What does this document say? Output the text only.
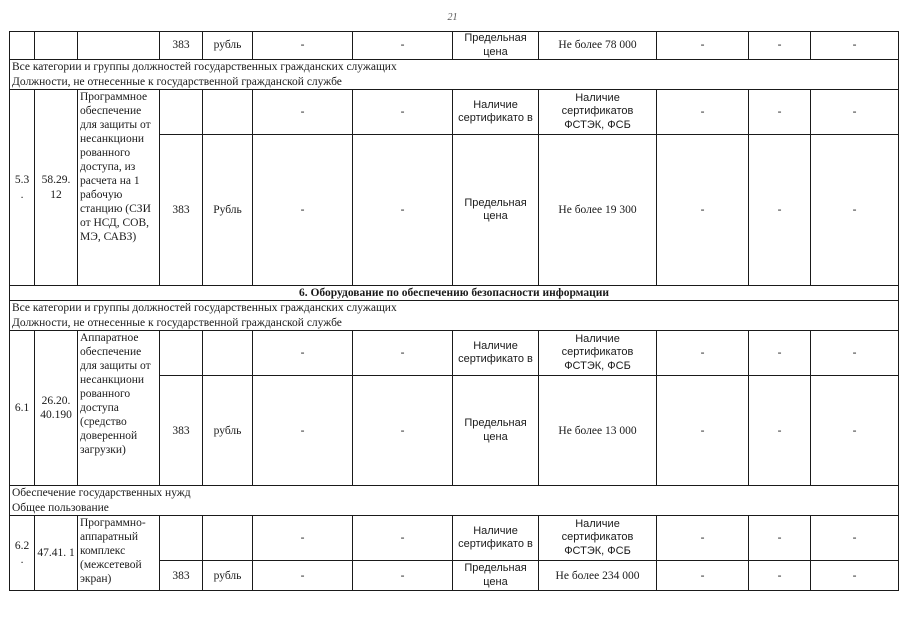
21
			383	рубль	-	-	Предельная цена	Не более 78 000	-	-	-
Все категории и группы должностей государственных гражданских служащих											
Должности, не отнесенные к государственной гражданской службе											
5.3 .	58.29. 12	Программное обеспечение для защиты от несанкциони рованного доступа, из расчета на 1 рабочую станцию (СЗИ от НСД, СОВ, МЭ, САВЗ)			-	-	Наличие сертификато в	Наличие сертификатов ФСТЭК, ФСБ	-	-	-
			383	Рубль	-	-	Предельная цена	Не более 19 300	-	-	-
6. Оборудование по обеспечению безопасности информации											
Все категории и группы должностей государственных гражданских служащих											
Должности, не отнесенные к государственной гражданской службе											
6.1	26.20. 40.190	Аппаратное обеспечение для защиты от несанкциони рованного доступа (средство доверенной загрузки)			-	-	Наличие сертификато в	Наличие сертификатов ФСТЭК, ФСБ	-	-	-
			383	рубль	-	-	Предельная цена	Не более 13 000	-	-	-
Обеспечение государственных нужд											
Общее пользование											
6.2 .	47.41. 1	Программно-аппаратный комплекс (межсетевой экран)			-	-	Наличие сертификато в	Наличие сертификатов ФСТЭК, ФСБ	-	-	-
			383	рубль	-	-	Предельная цена	Не более 234 000	-	-	-
